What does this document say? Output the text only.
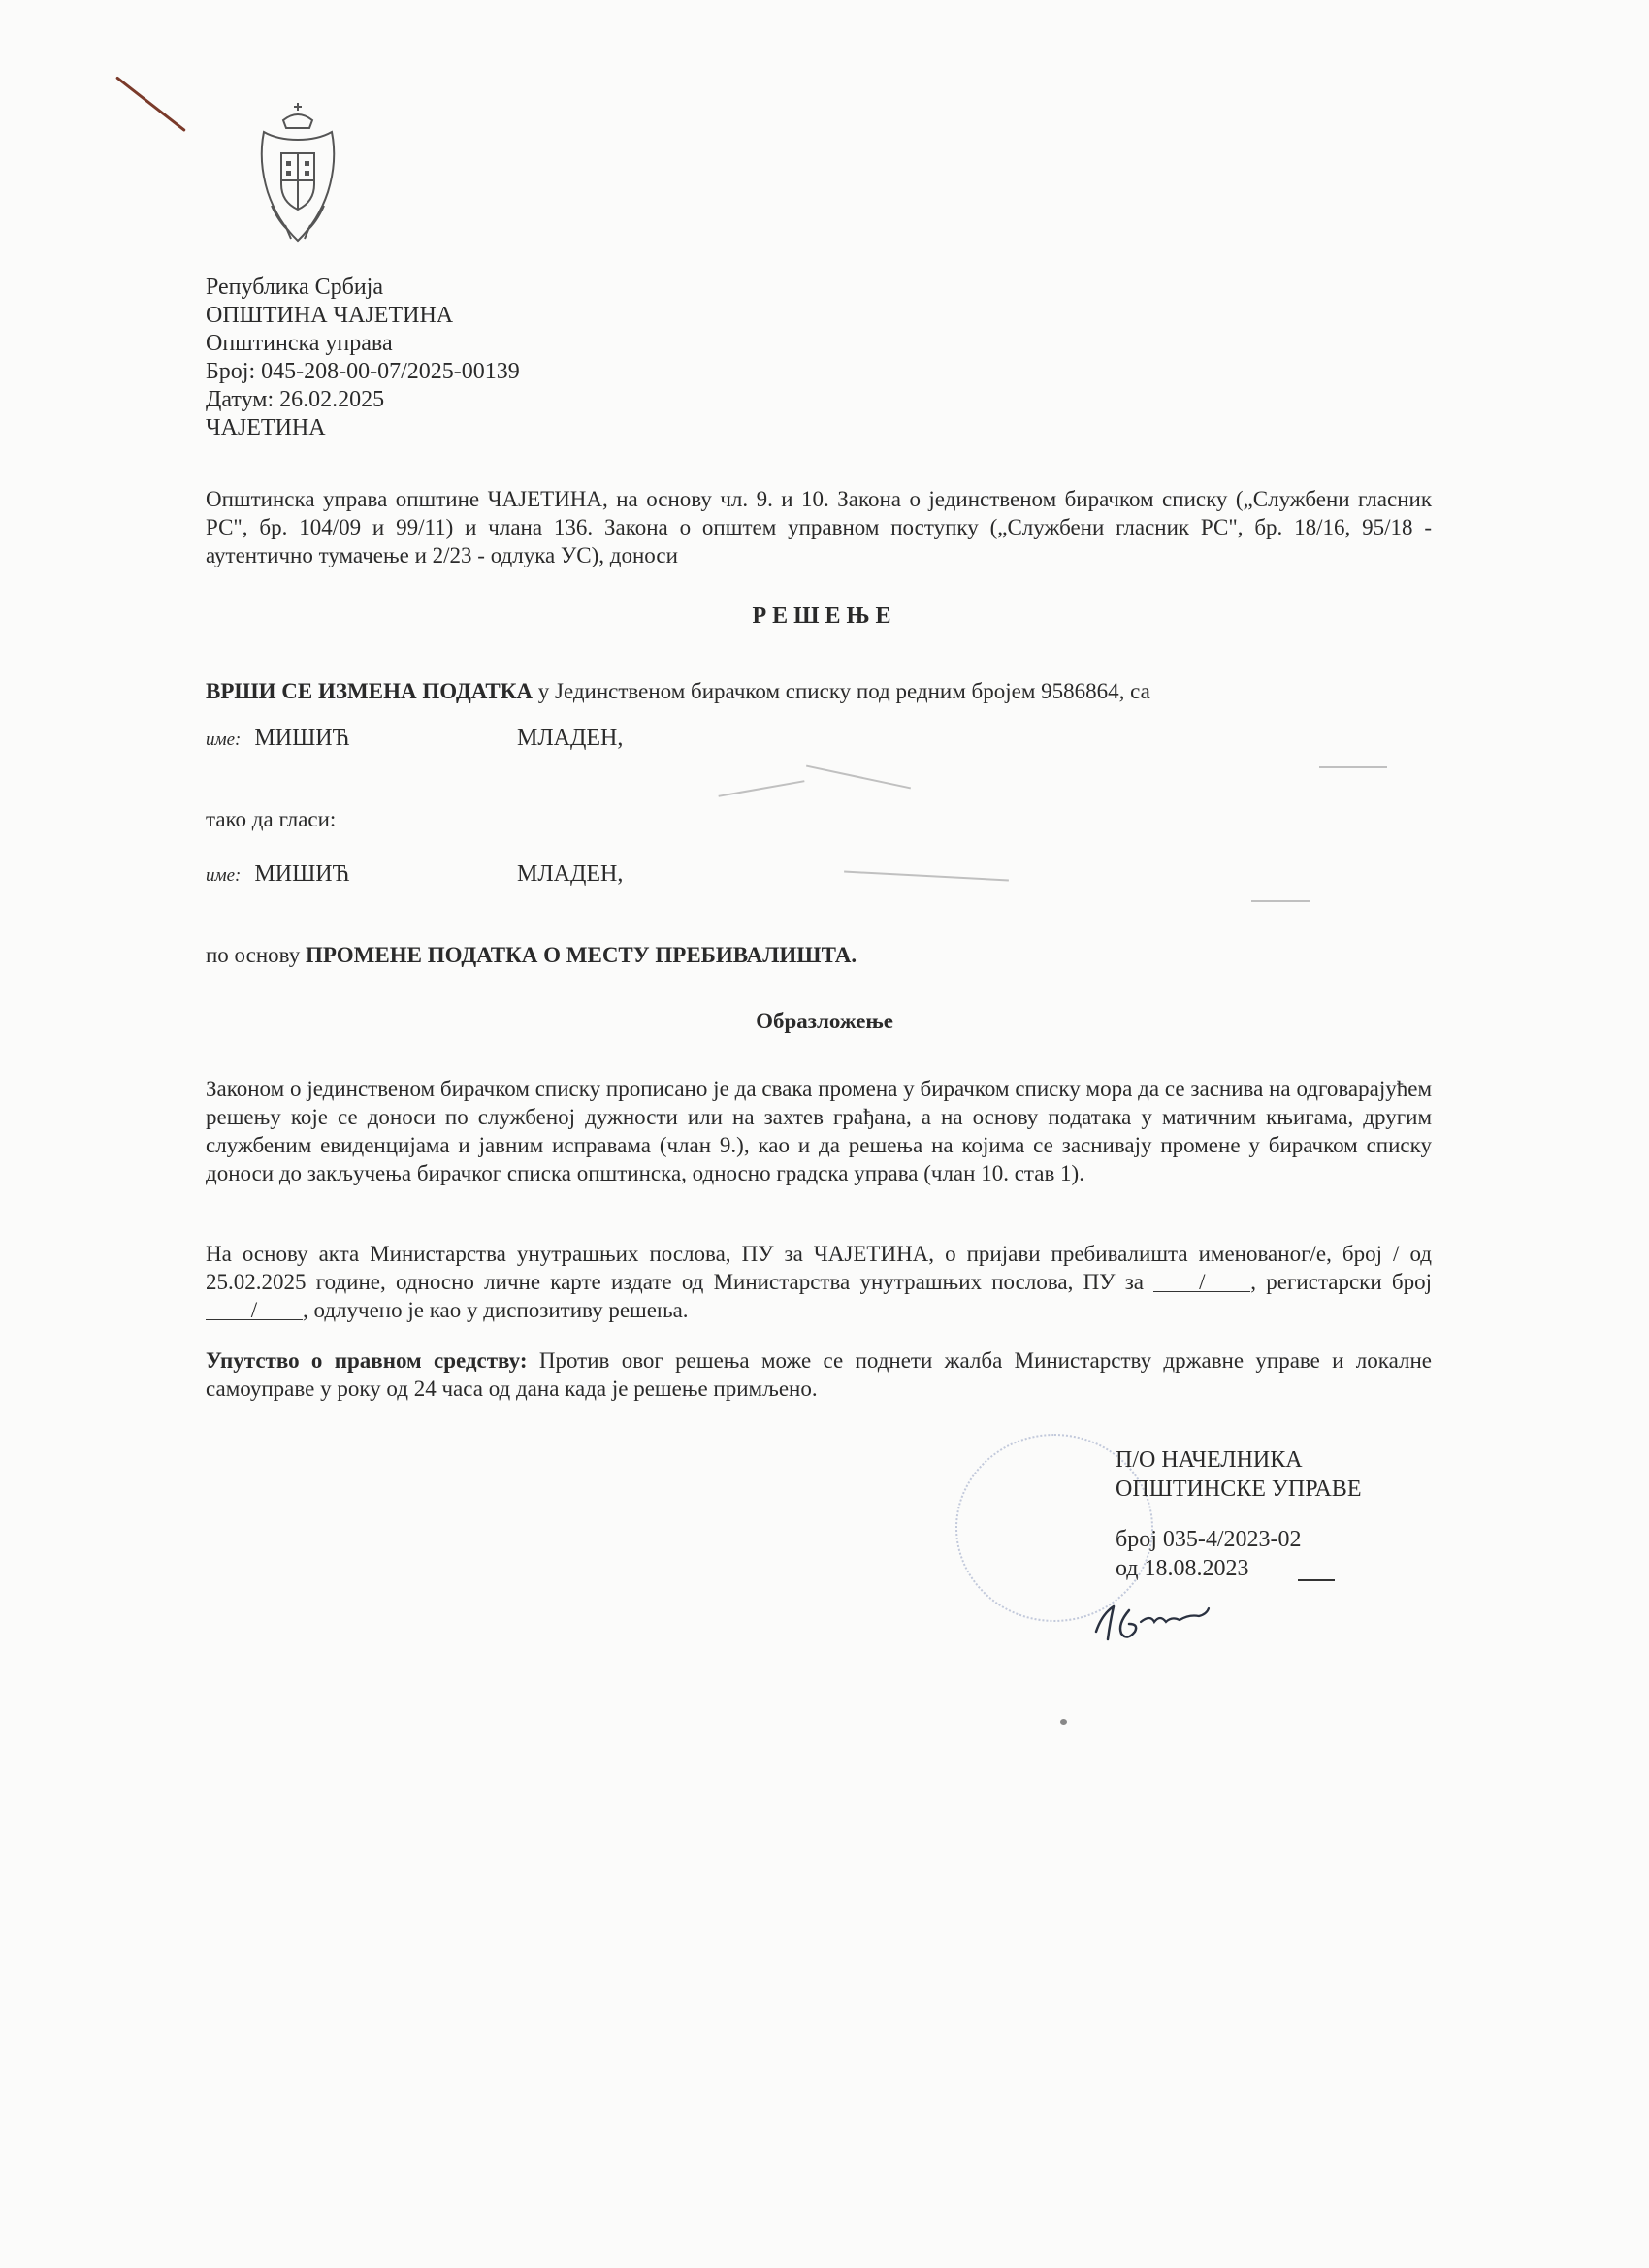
Република Србија
ОПШТИНА ЧАЈЕТИНА
Општинска управа
Број: 045-208-00-07/2025-00139
Датум: 26.02.2025
ЧАЈЕТИНА
Општинска управа општине ЧАЈЕТИНА, на основу чл. 9. и 10. Закона о јединственом бирачком списку („Службени гласник РС", бр. 104/09 и 99/11) и члана 136. Закона о општем управном поступку („Службени гласник РС", бр. 18/16, 95/18 - аутентично тумачење и 2/23 - одлука УС), доноси
РЕШЕЊЕ
ВРШИ СЕ ИЗМЕНА ПОДАТКА у Јединственом бирачком списку под редним бројем 9586864, са
име: МИШИЋ	МЛАДЕН,
тако да гласи:
име: МИШИЋ	МЛАДЕН,
по основу ПРОМЕНЕ ПОДАТКА О МЕСТУ ПРЕБИВАЛИШТА.
Образложење
Законом о јединственом бирачком списку прописано је да свака промена у бирачком списку мора да се заснива на одговарајућем решењу које се доноси по службеној дужности или на захтев грађана, а на основу података у матичним књигама, другим службеним евиденцијама и јавним исправама (члан 9.), као и да решења на којима се заснивају промене у бирачком списку доноси до закључења бирачког списка општинска, односно градска управа (члан 10. став 1).
На основу акта Министарства унутрашњих послова, ПУ за ЧАЈЕТИНА, о пријави пребивалишта именованог/е, број / од 25.02.2025 године, односно личне карте издате од Министарства унутрашњих послова, ПУ за / , регистарски број / , одлучено је као у диспозитиву решења.
Упутство о правном средству: Против овог решења може се поднети жалба Министарству државне управе и локалне самоуправе у року од 24 часа од дана када је решење примљено.
П/О НАЧЕЛНИКА
ОПШТИНСКЕ УПРАВЕ
број 035-4/2023-02
од 18.08.2023
